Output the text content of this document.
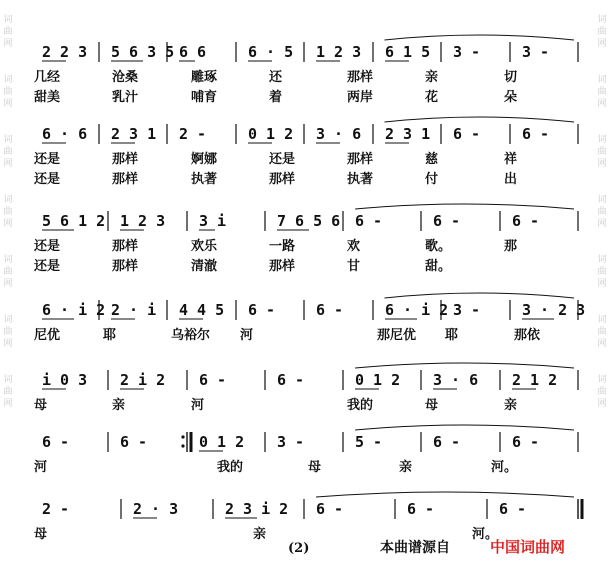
词
曲
网
词
曲
网
词
曲
网
词
曲
网
词
曲
网
词
曲
网
词
曲
网
词
曲
网
词
曲
网
词
曲
网
词
曲
网
词
曲
网
词
曲
网
词
曲
网
2 2 3 5 6 3 5 6 6	6 · 5 1 2 3 6 1 5 3 -	3 -
几经	沧桑	雕琢	还	那样	亲	切
甜美	乳汁	哺育	着	两岸	花	朵
6 · 6 2 3 1 2 -	0 1 2 3 · 6 2 3 1 6 -	6 -
还是	那样	婀娜	还是	那样	慈	祥
还是	那样	执著	那样	执著	付	出
5 6 1 2 1 2 3 3 i	7 6 5 6 6 -	6 -	6 -
还是	那样	欢乐	一路	欢	歌。	那
还是	那样	清澈	那样	甘	甜。
6 · i 2 2 · i 4 4 5 6 -	6 -	6 · i 2 3 -	3 · 2 3
尼优	耶	乌裕尔 河	那尼优 耶	那依
i 0 3 2 i 2 6 -	6 -	0 1 2 3 · 6 2 1 2
母	亲	河	我的	母	亲
6 -	6 -	0 1 2 3 -	5 -	6 -	6 -
河	我的	母	亲	河。
2 -	2 · 3	2 3 i 2 6 -	6 -	6 -
母	亲	河。
(2)	本曲谱源自	中国词曲网
